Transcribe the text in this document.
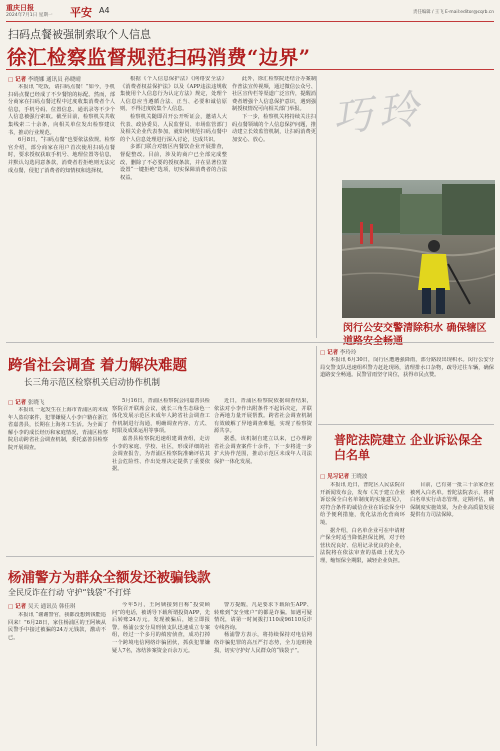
重庆日报
2024年7月1日 星期一 平安 A4	责任编辑 / 王飞 E-mail:editor@cqrb.cn
扫码点餐被强制索取个人信息
徐汇检察监督规范扫码消费“边界”
□ 记者 李晓娜 通讯员 孙晓晴

本报讯 “吃饭，请扫码点餐！”如今，手机扫码点餐已经成了不少餐馆的标配。然而，部分商家在扫码点餐过程中过度收集消费者个人信息，手机号码、位置信息、通讯录等不少个人信息被强行索取。截至目前，检察机关共收集线索二十余条，向相关单位发出检察建议书，推动行业规范。

6月8日，“扫码点餐”也要依法依规。检察官介绍，部分商家在用户首次使用扫码点餐时，要求授权获取手机号、地理位置等信息，并默认勾选同意条款，消费者若拒绝则无法完成点餐，侵犯了消费者的知情权和选择权。

根据《个人信息保护法》《网络安全法》《消费者权益保护法》以及《APP违法违规收集使用个人信息行为认定方法》规定，处理个人信息应当遵循合法、正当、必要和诚信原则，不得过度收集个人信息。

检察机关随即召开公开听证会，邀请人大代表、政协委员、人民监督员、市场监管部门及相关企业代表参加，就如何规范扫码点餐中的个人信息处理进行深入讨论，达成共识。

多部门联合对辖区内餐饮企业开展排查，督促整改。目前，涉及的商户已全部完成整改，删除了不必要的授权条款，并在显著位置设置“一键拒绝”选项，切实保障消费者的合法权益。

此外，徐汇检察院还结合办案制作普法宣传视频，通过微信公众号、社区宣传栏等渠道广泛宣传，提醒消费者增强个人信息保护意识，遇到强制授权情况可向相关部门举报。

下一步，检察机关将持续关注扫码点餐领域的个人信息保护问题，推动建立长效监管机制，让扫码消费更加安心、放心。	巧玲
闵行公安交警清除积水 确保辖区道路安全畅通
跨省社会调查 着力解决难题
长三角示范区检察机关启动协作机制
□ 记者 张晓飞

本报讯 一起发生在上海市青浦区的未成年人盗窃案件，犯罪嫌疑人小李户籍在浙江省嘉善县，长期在上海务工生活。为全面了解小李的成长经历和家庭情况，青浦区检察院启动跨省社会调查机制，委托嘉善县检察院开展调查。

5月16日，青浦区检察院会同嘉善县检察院召开联席会议，就长三角生态绿色一体化发展示范区未成年人跨省社会调查工作机制进行沟通，明确调查内容、方式、时限及成果运用等事项。

嘉善县检察院迅速组建调查组，走访小李的家庭、学校、社区，形成详细的社会调查报告，为青浦区检察院准确评估其社会危险性、作出处理决定提供了重要依据。

近日，青浦区检察院依据调查结果，依法对小李作出附条件不起诉决定，并联合两地力量开展帮教。跨省社会调查机制有效破解了异地调查难题，实现了检察资源共享。

据悉，该机制自建立以来，已办理跨省社会调查案件十余件，下一步将进一步扩大协作范围，推动示范区未成年人司法保护一体化发展。

□ 记者 李玲玲

本报讯 6月30日，闵行区遭遇强降雨，部分路段出现积水。闵行公安分局交警支队迅速组织警力赶赴现场，清理排水口杂物，疏导过往车辆，确保道路安全畅通。民警冒雨坚守岗位，获得市民点赞。

普陀法院建立 企业诉讼保全白名单
□ 见习记者 王晓波

本报讯 近日，普陀区人民法院召开新闻发布会，发布《关于建立企业诉讼保全白名单制度的实施意见》，对符合条件的诚信企业在诉讼保全中给予便利措施，优化法治化营商环境。

据介绍，白名单企业可在申请财产保全时适当降低担保比例，对于经营状况良好、信用记录优良的企业，法院将在依法审查的基础上优先办理，缩短保全期限，减轻企业负担。

目前，已有第一批三十余家企业被列入白名单。普陀法院表示，将对白名单实行动态管理，定期评估，确保制度实施效果，为企业高质量发展提供有力司法保障。

杨浦警方为群众全额发还被骗钱款
全民反诈在行动 守护“钱袋”不打烊
□ 记者 吴天 通讯员 韩佳琪

本报讯 “谢谢警官，我都没想到钱能追回来！”6月28日，家住杨浦区的王阿姨从民警手中接过被骗的24万元钱款，激动不已。

今年5月，王阿姨接到自称“投资顾问”的电话，被诱导下载所谓投资APP，先后转账24万元。发现被骗后，她立即报警。杨浦公安分局刑侦支队迅速成立专案组，经过一个多月的缜密侦查，成功打掉一个跨境电信网络诈骗团伙，抓获犯罪嫌疑人7名，冻结涉案资金百余万元。

警方提醒，凡是要求下载陌生APP、转账到“安全账户”的都是诈骗。如遇可疑情况，请第一时间拨打110或96110反诈专线咨询。

杨浦警方表示，将持续保持对电信网络诈骗犯罪的高压严打态势，全力追赃挽损，切实守护好人民群众的“钱袋子”。
